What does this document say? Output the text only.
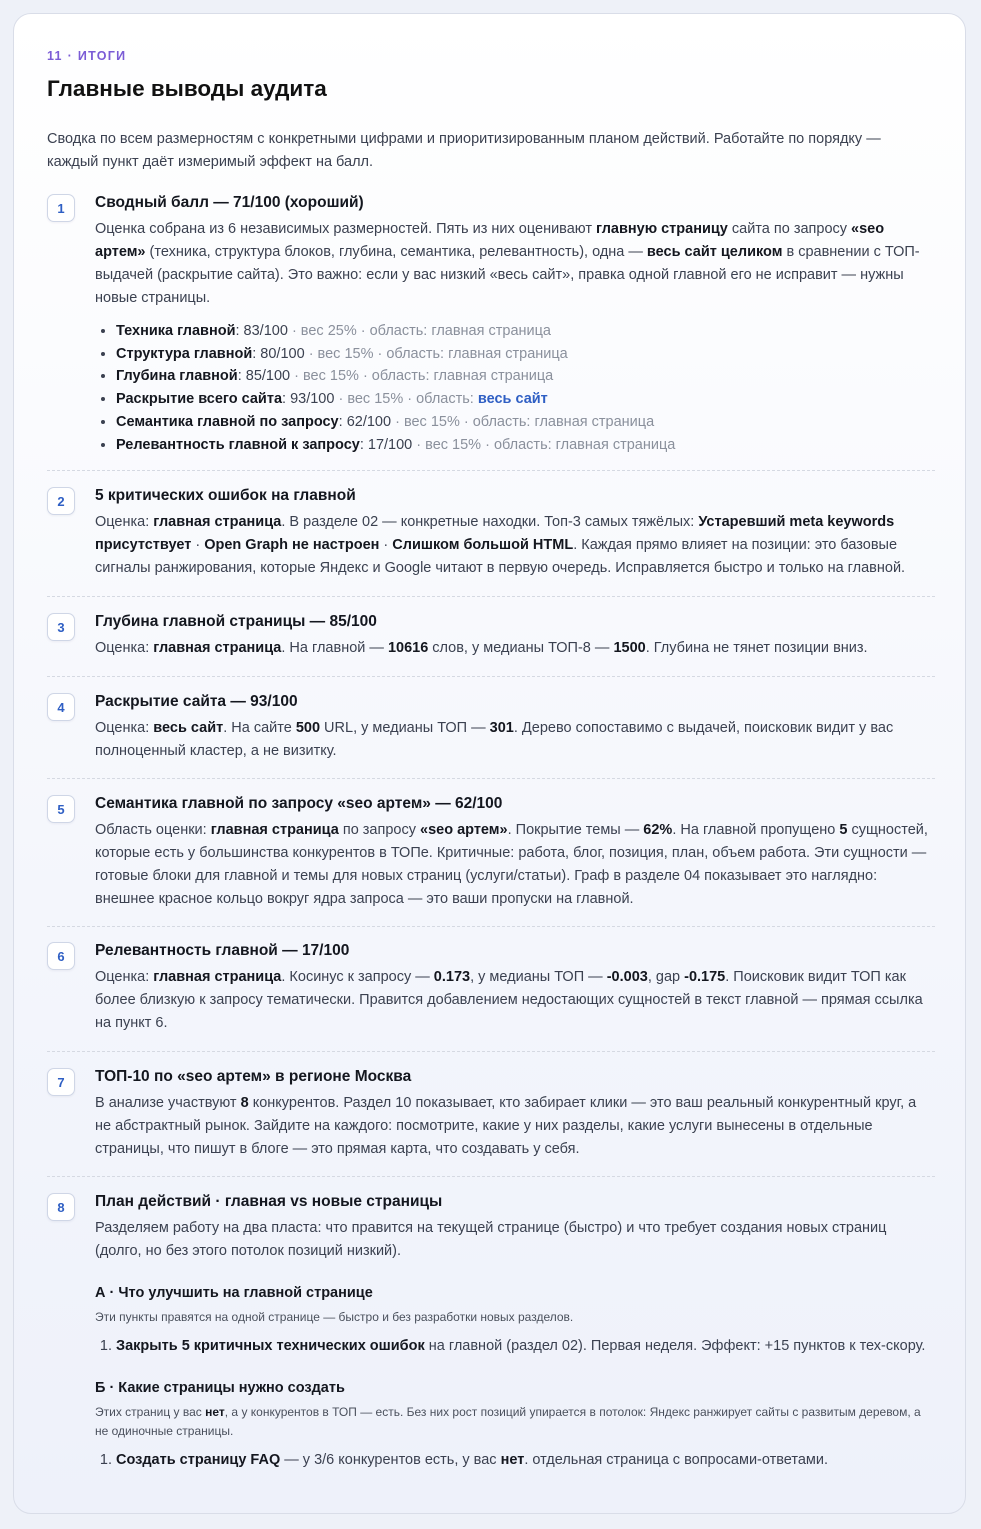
11 · ИТОГИ
Главные выводы аудита
Сводка по всем размерностям с конкретными цифрами и приоритизированным планом действий. Работайте по порядку — каждый пункт даёт измеримый эффект на балл.
1	Сводный балл — 71/100 (хороший)
Оценка собрана из 6 независимых размерностей. Пять из них оценивают главную страницу сайта по запросу «seo артем» (техника, структура блоков, глубина, семантика, релевантность), одна — весь сайт целиком в сравнении с ТОП-выдачей (раскрытие сайта). Это важно: если у вас низкий «весь сайт», правка одной главной его не исправит — нужны новые страницы.
• Техника главной: 83/100 · вес 25% · область: главная страница
• Структура главной: 80/100 · вес 15% · область: главная страница
• Глубина главной: 85/100 · вес 15% · область: главная страница
• Раскрытие всего сайта: 93/100 · вес 15% · область: весь сайт
• Семантика главной по запросу: 62/100 · вес 15% · область: главная страница
• Релевантность главной к запросу: 17/100 · вес 15% · область: главная страница
2	5 критических ошибок на главной
Оценка: главная страница. В разделе 02 — конкретные находки. Топ-3 самых тяжёлых: Устаревший meta keywords присутствует · Open Graph не настроен · Слишком большой HTML. Каждая прямо влияет на позиции: это базовые сигналы ранжирования, которые Яндекс и Google читают в первую очередь. Исправляется быстро и только на главной.
3	Глубина главной страницы — 85/100
Оценка: главная страница. На главной — 10616 слов, у медианы ТОП-8 — 1500. Глубина не тянет позиции вниз.
4	Раскрытие сайта — 93/100
Оценка: весь сайт. На сайте 500 URL, у медианы ТОП — 301. Дерево сопоставимо с выдачей, поисковик видит у вас полноценный кластер, а не визитку.
5	Семантика главной по запросу «seo артем» — 62/100
Область оценки: главная страница по запросу «seo артем». Покрытие темы — 62%. На главной пропущено 5 сущностей, которые есть у большинства конкурентов в ТОПе. Критичные: работа, блог, позиция, план, объем работа. Эти сущности — готовые блоки для главной и темы для новых страниц (услуги/статьи). Граф в разделе 04 показывает это наглядно: внешнее красное кольцо вокруг ядра запроса — это ваши пропуски на главной.
6	Релевантность главной — 17/100
Оценка: главная страница. Косинус к запросу — 0.173, у медианы ТОП — -0.003, gap -0.175. Поисковик видит ТОП как более близкую к запросу тематически. Правится добавлением недостающих сущностей в текст главной — прямая ссылка на пункт 6.
7	ТОП-10 по «seo артем» в регионе Москва
В анализе участвуют 8 конкурентов. Раздел 10 показывает, кто забирает клики — это ваш реальный конкурентный круг, а не абстрактный рынок. Зайдите на каждого: посмотрите, какие у них разделы, какие услуги вынесены в отдельные страницы, что пишут в блоге — это прямая карта, что создавать у себя.
8	План действий · главная vs новые страницы
Разделяем работу на два пласта: что правится на текущей странице (быстро) и что требует создания новых страниц (долго, но без этого потолок позиций низкий).
А · Что улучшить на главной странице
Эти пункты правятся на одной странице — быстро и без разработки новых разделов.
1. Закрыть 5 критичных технических ошибок на главной (раздел 02). Первая неделя. Эффект: +15 пунктов к тех-скору.
Б · Какие страницы нужно создать
Этих страниц у вас нет, а у конкурентов в ТОП — есть. Без них рост позиций упирается в потолок: Яндекс ранжирует сайты с развитым деревом, а не одиночные страницы.
1. Создать страницу FAQ — у 3/6 конкурентов есть, у вас нет. отдельная страница с вопросами-ответами.
